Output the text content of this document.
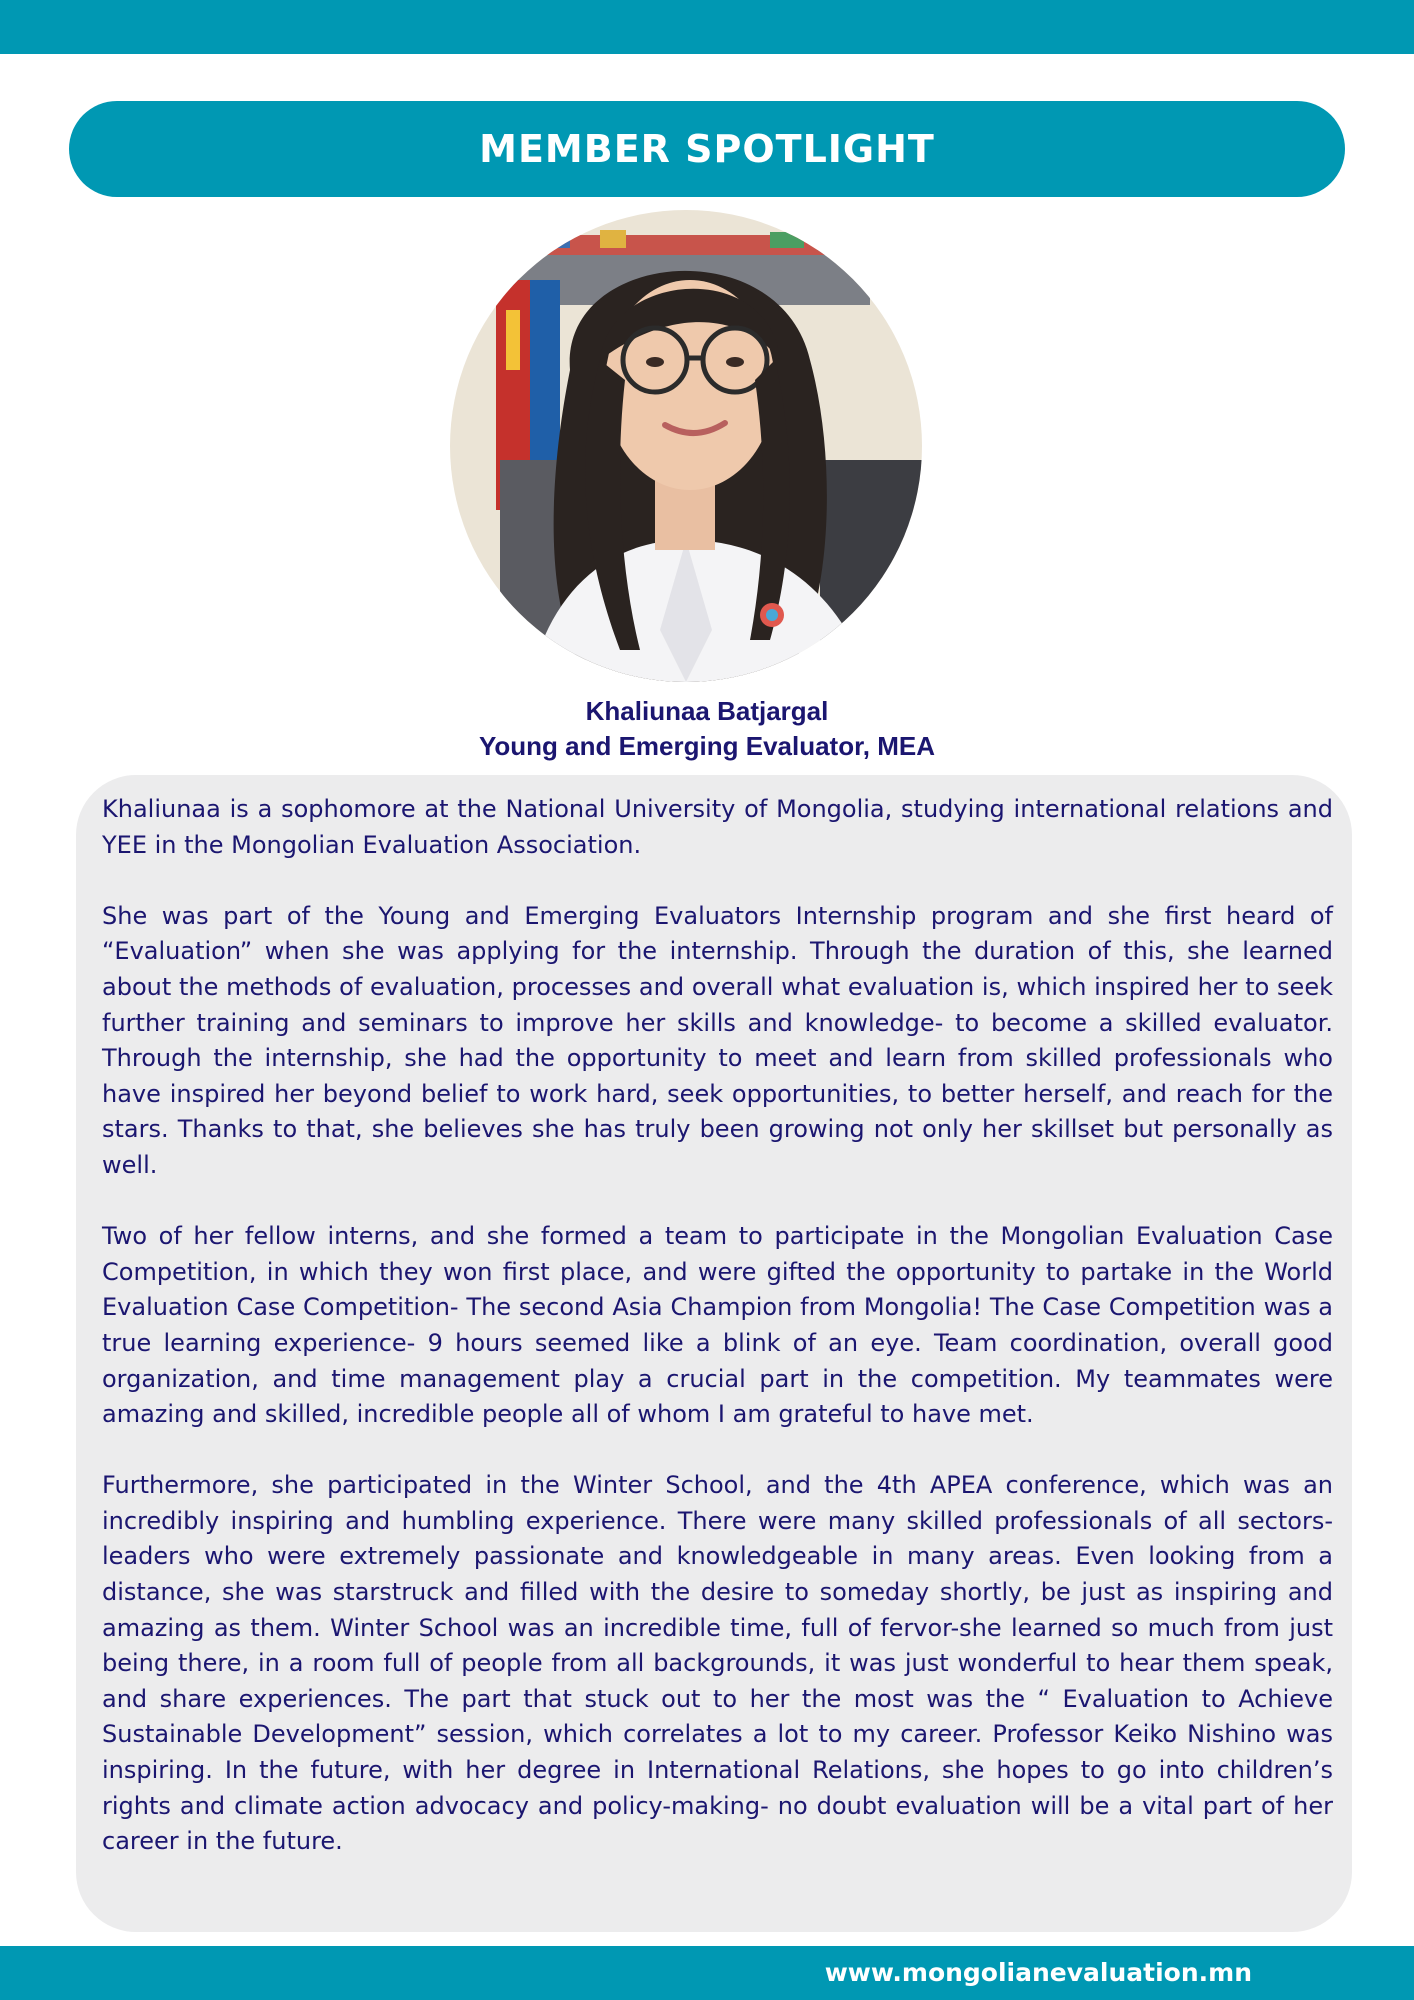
MEMBER SPOTLIGHT
Khaliunaa Batjargal
Young and Emerging Evaluator, MEA

Khaliunaa is a sophomore at the National University of Mongolia, studying international relations and YEE in the Mongolian Evaluation Association.

She was part of the Young and Emerging Evaluators Internship program and she first heard of “Evaluation” when she was applying for the internship. Through the duration of this, she learned about the methods of evaluation, processes and overall what evaluation is, which inspired her to seek further training and seminars to improve her skills and knowledge- to become a skilled evaluator. Through the internship, she had the opportunity to meet and learn from skilled professionals who have inspired her beyond belief to work hard, seek opportunities, to better herself, and reach for the stars. Thanks to that, she believes she has truly been growing not only her skillset but personally as well.

Two of her fellow interns, and she formed a team to participate in the Mongolian Evaluation Case Competition, in which they won first place, and were gifted the opportunity to partake in the World Evaluation Case Competition- The second Asia Champion from Mongolia! The Case Competition was a true learning experience- 9 hours seemed like a blink of an eye. Team coordination, overall good organization, and time management play a crucial part in the competition. My teammates were amazing and skilled, incredible people all of whom I am grateful to have met.

Furthermore, she participated in the Winter School, and the 4th APEA conference, which was an incredibly inspiring and humbling experience. There were many skilled professionals of all sectors- leaders who were extremely passionate and knowledgeable in many areas. Even looking from a distance, she was starstruck and filled with the desire to someday shortly, be just as inspiring and amazing as them. Winter School was an incredible time, full of fervor-she learned so much from just being there, in a room full of people from all backgrounds, it was just wonderful to hear them speak, and share experiences. The part that stuck out to her the most was the “ Evaluation to Achieve Sustainable Development” session, which correlates a lot to my career. Professor Keiko Nishino was inspiring. In the future, with her degree in International Relations, she hopes to go into children’s rights and climate action advocacy and policy-making- no doubt evaluation will be a vital part of her career in the future.

www.mongolianevaluation.mn
